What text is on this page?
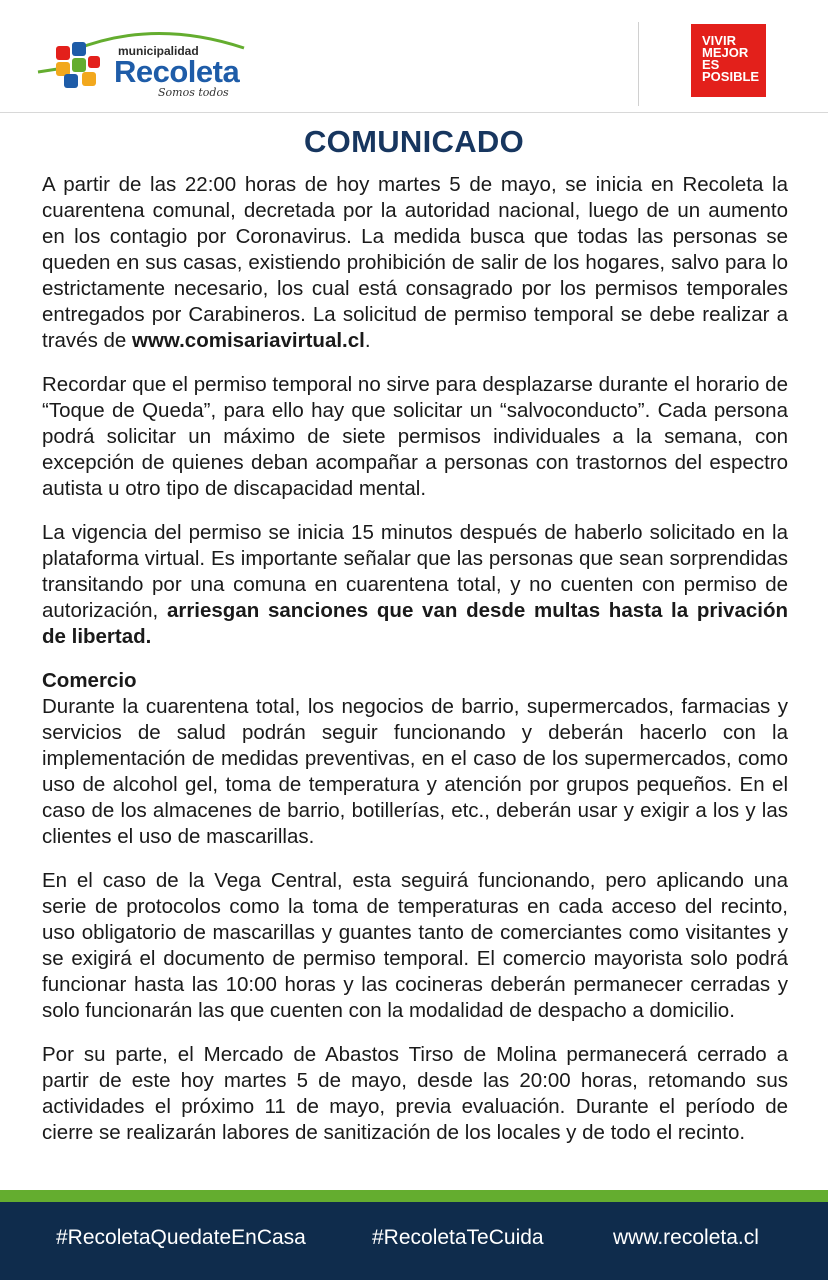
municipalidad
Recoleta
Somos todos
VIVIR
MEJOR
ES
POSIBLE
COMUNICADO

A partir de las 22:00 horas de hoy martes 5 de mayo, se inicia en Recoleta la cuarentena comunal, decretada por la autoridad nacional, luego de un aumento en los contagio por Coronavirus. La medida busca que todas las personas se queden en sus casas, existiendo prohibición de salir de los hogares, salvo para lo estrictamente necesario, los cual está consagrado por los permisos temporales entregados por Carabineros. La solicitud de permiso temporal se debe realizar a través de www.comisariavirtual.cl.

Recordar que el permiso temporal no sirve para desplazarse durante el horario de “Toque de Queda”, para ello hay que solicitar un “salvoconducto”. Cada persona podrá solicitar un máximo de siete permisos individuales a la semana, con excepción de quienes deban acompañar a personas con trastornos del espectro autista u otro tipo de discapacidad mental.

La vigencia del permiso se inicia 15 minutos después de haberlo solicitado en la plataforma virtual. Es importante señalar que las personas que sean sorprendidas transitando por una comuna en cuarentena total, y no cuenten con permiso de autorización, arriesgan sanciones que van desde multas hasta la privación de libertad.

Comercio

Durante la cuarentena total, los negocios de barrio, supermercados, farmacias y servicios de salud podrán seguir funcionando y deberán hacerlo con la implementación de medidas preventivas, en el caso de los supermercados, como uso de alcohol gel, toma de temperatura y atención por grupos pequeños. En el caso de los almacenes de barrio, botillerías, etc., deberán usar y exigir a los y las clientes el uso de mascarillas.

En el caso de la Vega Central, esta seguirá funcionando, pero aplicando una serie de protocolos como la toma de temperaturas en cada acceso del recinto, uso obligatorio de mascarillas y guantes tanto de comerciantes como visitantes y se exigirá el documento de permiso temporal. El comercio mayorista solo podrá funcionar hasta las 10:00 horas y las cocineras deberán permanecer cerradas y solo funcionarán las que cuenten con la modalidad de despacho a domicilio.

Por su parte, el Mercado de Abastos Tirso de Molina permanecerá cerrado a partir de este hoy martes 5 de mayo, desde las 20:00 horas, retomando sus actividades el próximo 11 de mayo, previa evaluación. Durante el período de cierre se realizarán labores de sanitización de los locales y de todo el recinto.

#RecoletaQuedateEnCasa	#RecoletaTeCuida	www.recoleta.cl
